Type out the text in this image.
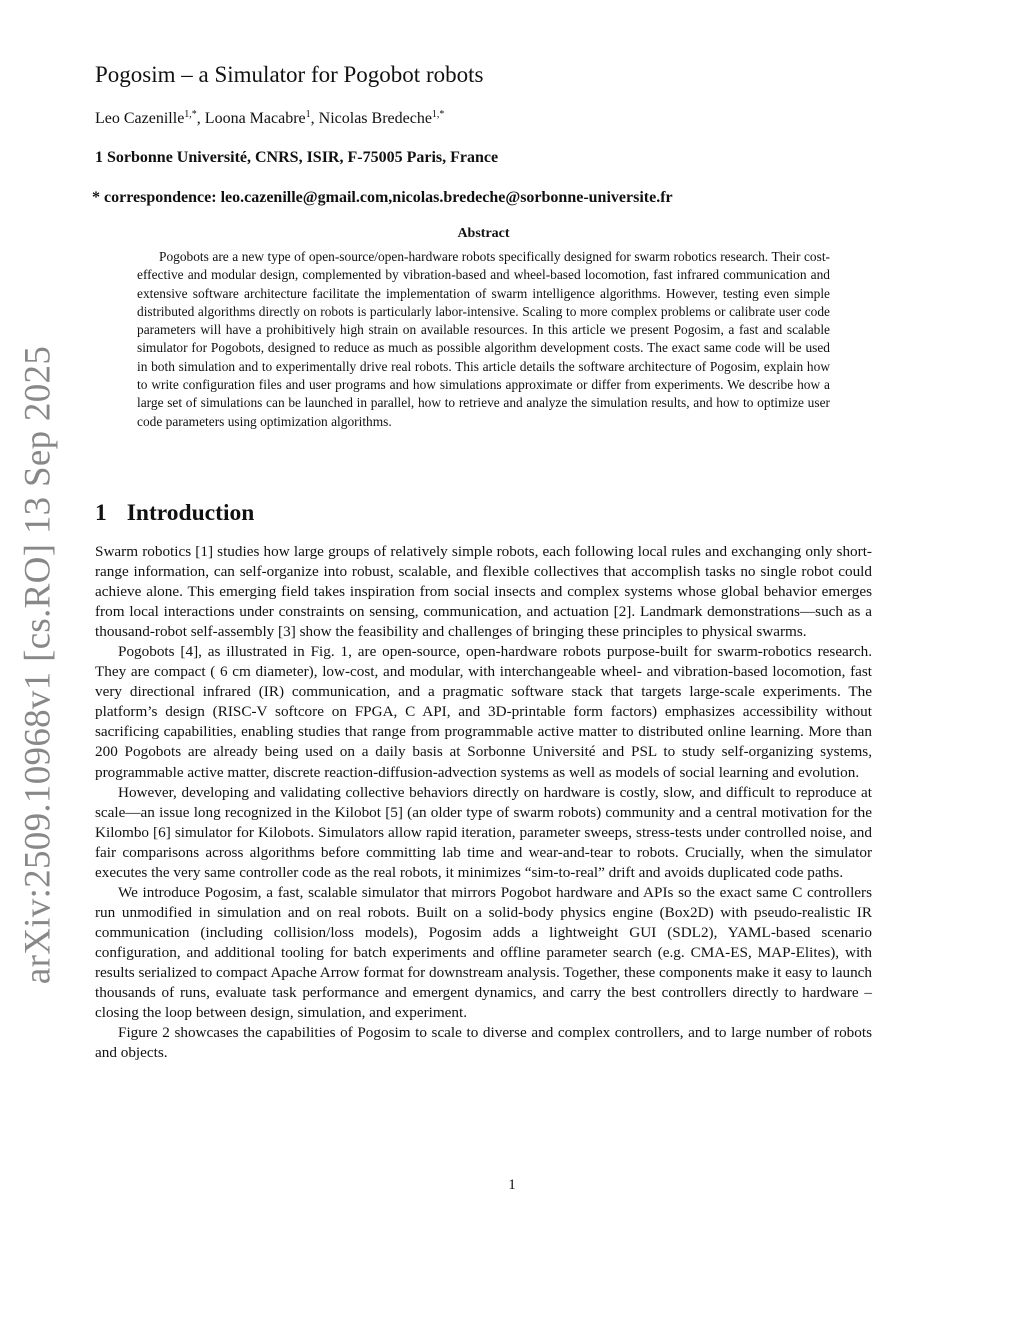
arXiv:2509.10968v1 [cs.RO] 13 Sep 2025
Pogosim – a Simulator for Pogobot robots
Leo Cazenille$^{1,*}$, Loona Macabre$^1$, Nicolas Bredeche$^{1,*}$
1 Sorbonne Université, CNRS, ISIR, F-75005 Paris, France
* correspondence: leo.cazenille@gmail.com,nicolas.bredeche@sorbonne-universite.fr
Abstract

Pogobots are a new type of open-source/open-hardware robots specifically designed for swarm robotics research. Their cost-effective and modular design, complemented by vibration-based and wheel-based locomotion, fast infrared communication and extensive software architecture facilitate the implementation of swarm intelligence algorithms. However, testing even simple distributed algorithms directly on robots is particularly labor-intensive. Scaling to more complex problems or calibrate user code parameters will have a prohibitively high strain on available resources. In this article we present Pogosim, a fast and scalable simulator for Pogobots, designed to reduce as much as possible algorithm development costs. The exact same code will be used in both simulation and to experimentally drive real robots. This article details the software architecture of Pogosim, explain how to write configuration files and user programs and how simulations approximate or differ from experiments. We describe how a large set of simulations can be launched in parallel, how to retrieve and analyze the simulation results, and how to optimize user code parameters using optimization algorithms.

1 Introduction

Swarm robotics [1] studies how large groups of relatively simple robots, each following local rules and exchanging only short-range information, can self-organize into robust, scalable, and flexible collectives that accomplish tasks no single robot could achieve alone. This emerging field takes inspiration from social insects and complex systems whose global behavior emerges from local interactions under constraints on sensing, communication, and actuation [2]. Landmark demonstrations—such as a thousand-robot self-assembly [3] show the feasibility and challenges of bringing these principles to physical swarms.

Pogobots [4], as illustrated in Fig. 1, are open-source, open-hardware robots purpose-built for swarm-robotics research. They are compact ( 6 cm diameter), low-cost, and modular, with interchangeable wheel- and vibration-based locomotion, fast very directional infrared (IR) communication, and a pragmatic software stack that targets large-scale experiments. The platform’s design (RISC-V softcore on FPGA, C API, and 3D-printable form factors) emphasizes accessibility without sacrificing capabilities, enabling studies that range from programmable active matter to distributed online learning. More than 200 Pogobots are already being used on a daily basis at Sorbonne Université and PSL to study self-organizing systems, programmable active matter, discrete reaction-diffusion-advection systems as well as models of social learning and evolution.

However, developing and validating collective behaviors directly on hardware is costly, slow, and difficult to reproduce at scale—an issue long recognized in the Kilobot [5] (an older type of swarm robots) community and a central motivation for the Kilombo [6] simulator for Kilobots. Simulators allow rapid iteration, parameter sweeps, stress-tests under controlled noise, and fair comparisons across algorithms before committing lab time and wear-and-tear to robots. Crucially, when the simulator executes the very same controller code as the real robots, it minimizes “sim-to-real” drift and avoids duplicated code paths.

We introduce Pogosim, a fast, scalable simulator that mirrors Pogobot hardware and APIs so the exact same C controllers run unmodified in simulation and on real robots. Built on a solid-body physics engine (Box2D) with pseudo-realistic IR communication (including collision/loss models), Pogosim adds a lightweight GUI (SDL2), YAML-based scenario configuration, and additional tooling for batch experiments and offline parameter search (e.g. CMA-ES, MAP-Elites), with results serialized to compact Apache Arrow format for downstream analysis. Together, these components make it easy to launch thousands of runs, evaluate task performance and emergent dynamics, and carry the best controllers directly to hardware – closing the loop between design, simulation, and experiment.

Figure 2 showcases the capabilities of Pogosim to scale to diverse and complex controllers, and to large number of robots and objects.

1
